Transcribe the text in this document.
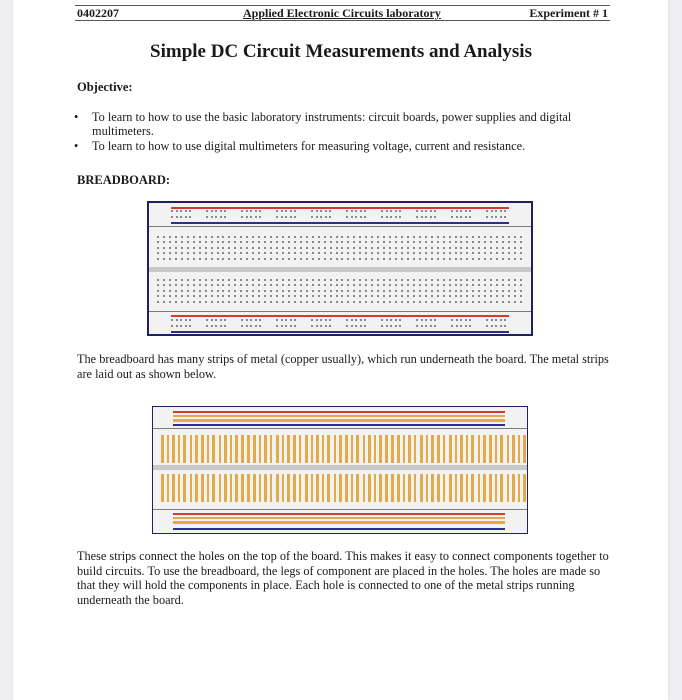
0402207	Applied Electronic Circuits laboratory	Experiment # 1
Simple DC Circuit Measurements and Analysis
Objective:
• To learn to how to use the basic laboratory instruments: circuit boards, power supplies and digital multimeters.
• To learn to how to use digital multimeters for measuring voltage, current and resistance.
BREADBOARD:
The breadboard has many strips of metal (copper usually), which run underneath the board. The metal strips are laid out as shown below.
These strips connect the holes on the top of the board. This makes it easy to connect components together to build circuits. To use the breadboard, the legs of component are placed in the holes. The holes are made so that they will hold the components in place. Each hole is connected to one of the metal strips running underneath the board.
